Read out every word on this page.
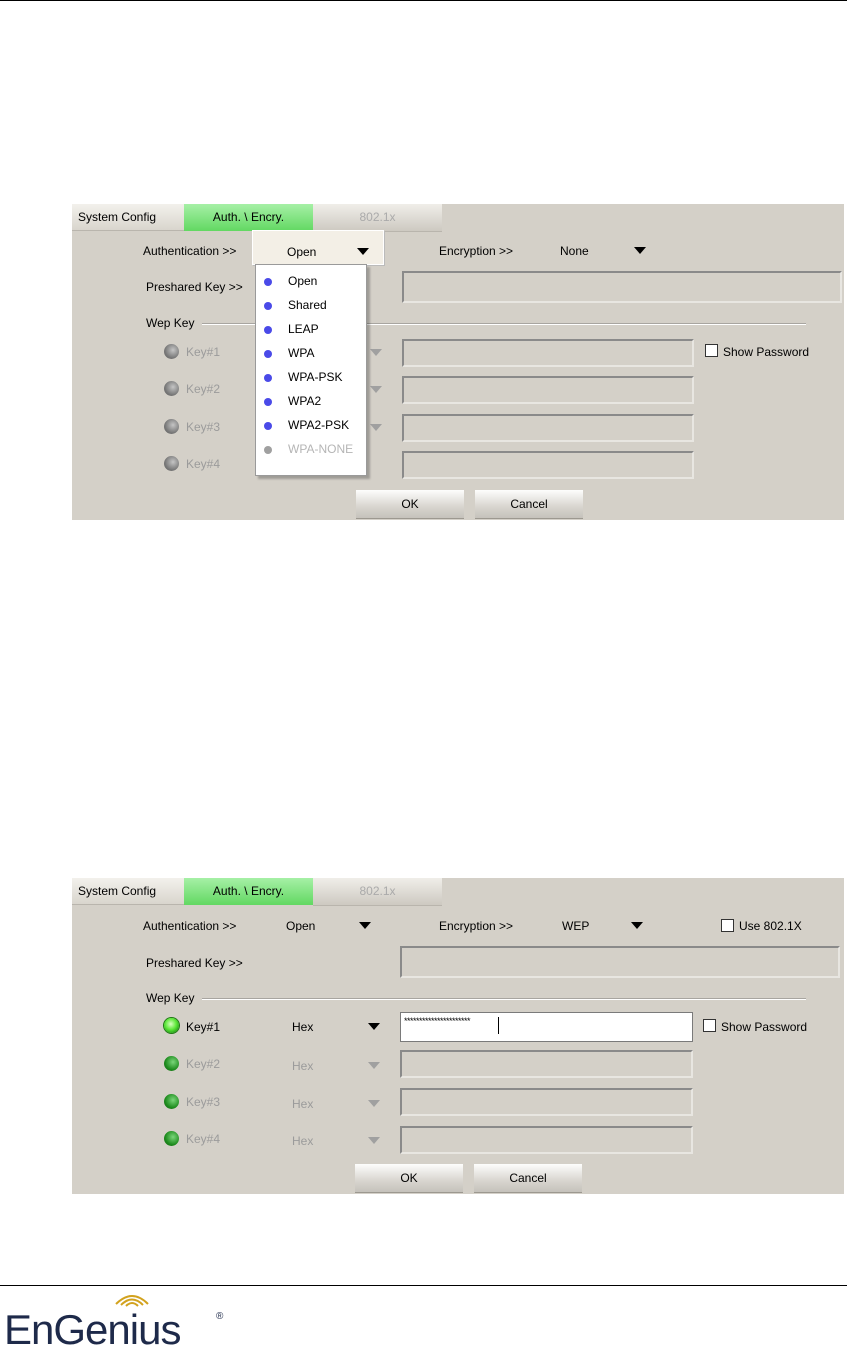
System Config	Auth. \ Encry.	802.1x
Authentication >>	Open	Encryption >>	None
Preshared Key >>
Wep Key
Key#1	Show Password
Key#2
Key#3
Key#4
OK	Cancel
Open
Shared
LEAP
WPA
WPA-PSK
WPA2
WPA2-PSK
WPA-NONE
System Config	Auth. \ Encry.	802.1x
Authentication >>	Open	Encryption >>	WEP	Use 802.1X
Preshared Key >>
Wep Key
Key#1	Hex	**********************	Show Password
Key#2	Hex
Key#3	Hex
Key#4	Hex
OK	Cancel
EnGenius	®
